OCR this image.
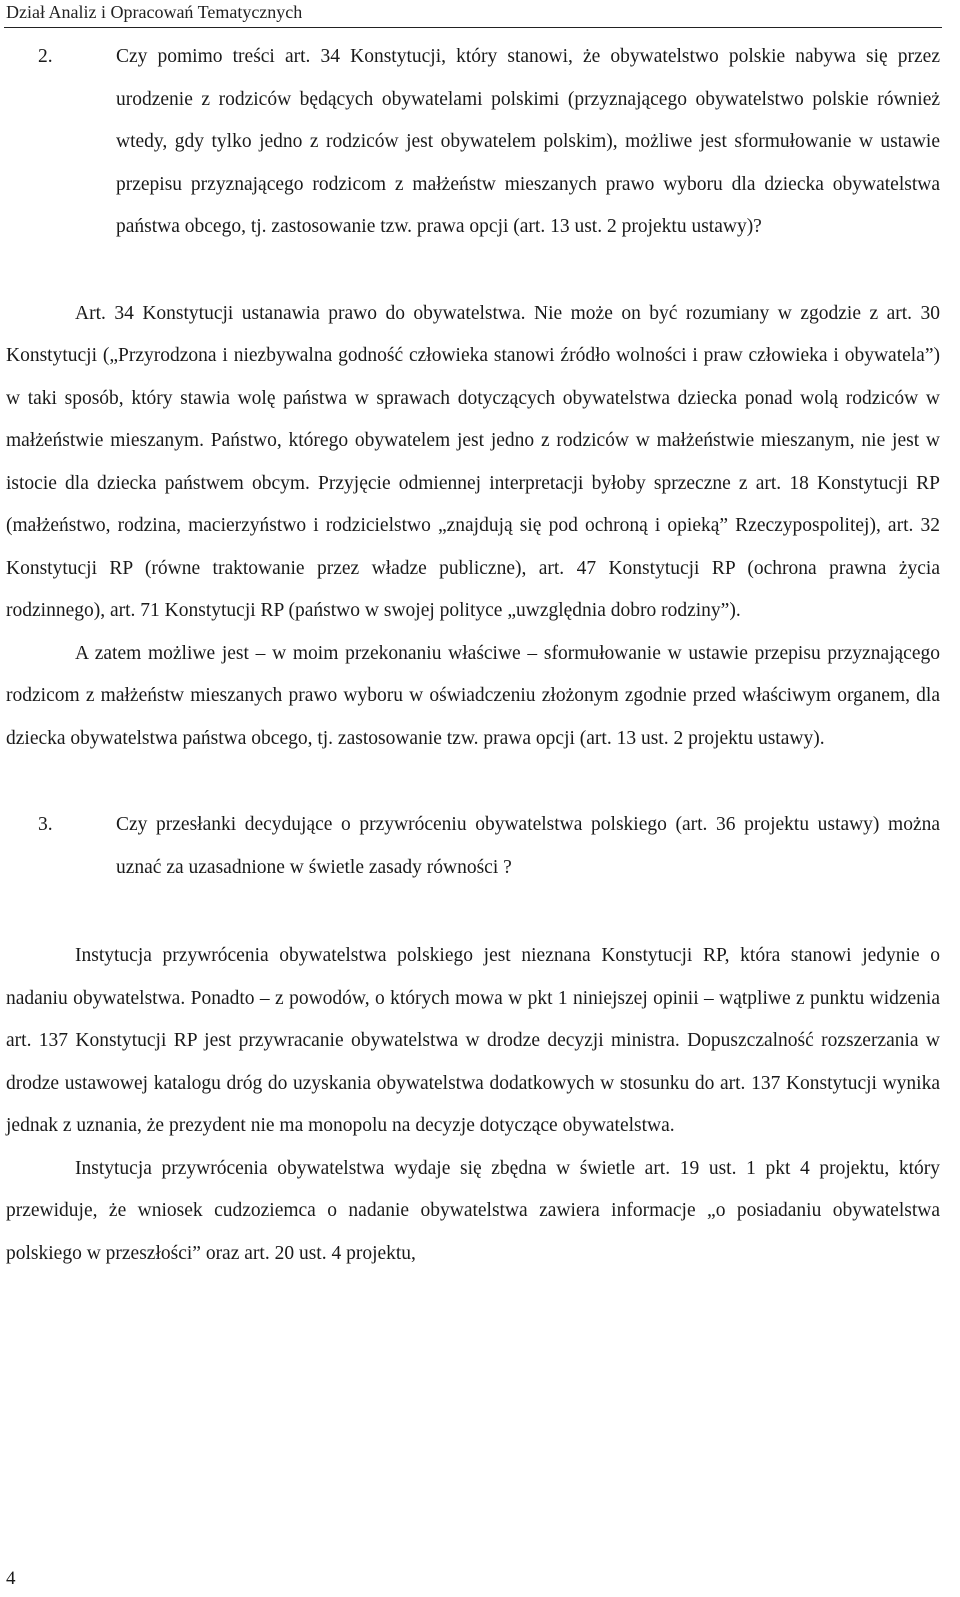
Dział Analiz i Opracowań Tematycznych
2.	Czy pomimo treści art. 34 Konstytucji, który stanowi, że obywatelstwo polskie nabywa się przez urodzenie z rodziców będących obywatelami polskimi (przyznającego obywatelstwo polskie również wtedy, gdy tylko jedno z rodziców jest obywatelem polskim), możliwe jest sformułowanie w ustawie przepisu przyznającego rodzicom z małżeństw mieszanych prawo wyboru dla dziecka obywatelstwa państwa obcego, tj. zastosowanie tzw. prawa opcji (art. 13 ust. 2 projektu ustawy)?

Art. 34 Konstytucji ustanawia prawo do obywatelstwa. Nie może on być rozumiany w zgodzie z art. 30 Konstytucji („Przyrodzona i niezbywalna godność człowieka stanowi źródło wolności i praw człowieka i obywatela”) w taki sposób, który stawia wolę państwa w sprawach dotyczących obywatelstwa dziecka ponad wolą rodziców w małżeństwie mieszanym. Państwo, którego obywatelem jest jedno z rodziców w małżeństwie mieszanym, nie jest w istocie dla dziecka państwem obcym. Przyjęcie odmiennej interpretacji byłoby sprzeczne z art. 18 Konstytucji RP (małżeństwo, rodzina, macierzyństwo i rodzicielstwo „znajdują się pod ochroną i opieką” Rzeczypospolitej), art. 32 Konstytucji RP (równe traktowanie przez władze publiczne), art. 47 Konstytucji RP (ochrona prawna życia rodzinnego), art. 71 Konstytucji RP (państwo w swojej polityce „uwzględnia dobro rodziny”).

A zatem możliwe jest – w moim przekonaniu właściwe – sformułowanie w ustawie przepisu przyznającego rodzicom z małżeństw mieszanych prawo wyboru w oświadczeniu złożonym zgodnie przed właściwym organem, dla dziecka obywatelstwa państwa obcego, tj. zastosowanie tzw. prawa opcji (art. 13 ust. 2 projektu ustawy).

3.	Czy przesłanki decydujące o przywróceniu obywatelstwa polskiego (art. 36 projektu ustawy) można uznać za uzasadnione w świetle zasady równości ?

Instytucja przywrócenia obywatelstwa polskiego jest nieznana Konstytucji RP, która stanowi jedynie o nadaniu obywatelstwa. Ponadto – z powodów, o których mowa w pkt 1 niniejszej opinii – wątpliwe z punktu widzenia art. 137 Konstytucji RP jest przywracanie obywatelstwa w drodze decyzji ministra. Dopuszczalność rozszerzania w drodze ustawowej katalogu dróg do uzyskania obywatelstwa dodatkowych w stosunku do art. 137 Konstytucji wynika jednak z uznania, że prezydent nie ma monopolu na decyzje dotyczące obywatelstwa.

Instytucja przywrócenia obywatelstwa wydaje się zbędna w świetle art. 19 ust. 1 pkt 4 projektu, który przewiduje, że wniosek cudzoziemca o nadanie obywatelstwa zawiera informacje „o posiadaniu obywatelstwa polskiego w przeszłości” oraz art. 20 ust. 4 projektu,

4
